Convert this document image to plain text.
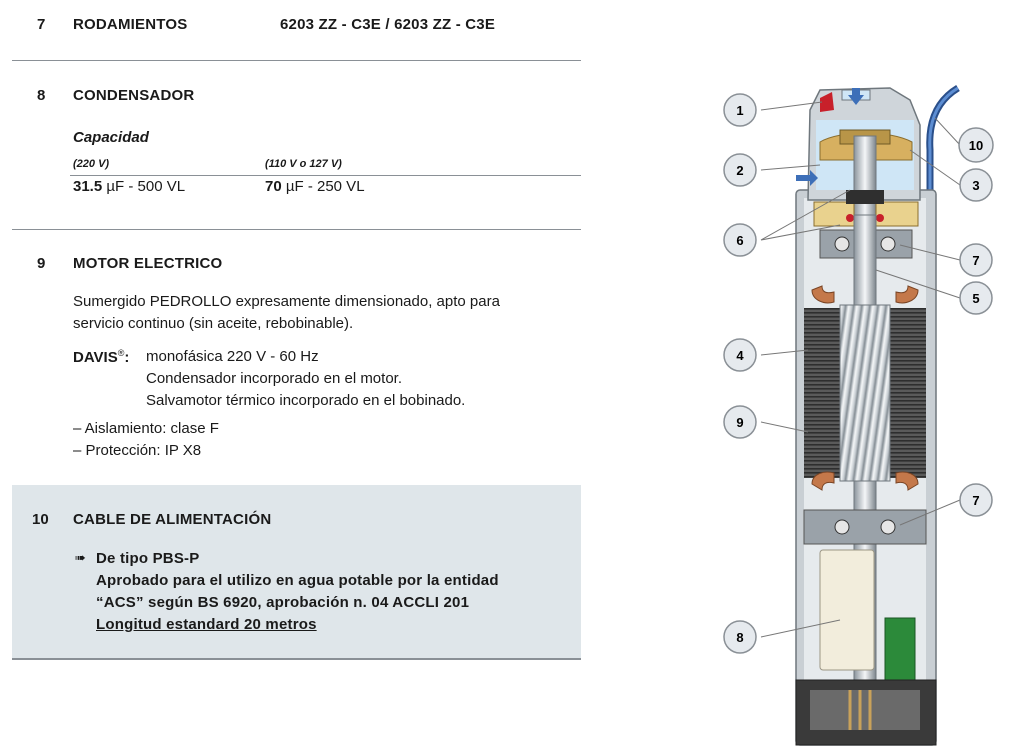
7 RODAMIENTOS	6203 ZZ - C3E / 6203 ZZ - C3E
8 CONDENSADOR
Capacidad
(220 V)	(110 V o 127 V)
31.5 µF - 500 VL	70 µF - 250 VL
9 MOTOR ELECTRICO
Sumergido PEDROLLO expresamente dimensionado, apto para
servicio continuo (sin aceite, rebobinable).
DAVIS®: monofásica 220 V - 60 Hz
Condensador incorporado en el motor.
Salvamotor térmico incorporado en el bobinado.
– Aislamiento: clase F
– Protección: IP X8
10 CABLE DE ALIMENTACIÓN
➠ De tipo PBS-P
Aprobado para el utilizo en agua potable por la entidad
“ACS” según BS 6920, aprobación n. 04 ACCLI 201
Longitud estandard 20 metros
1
2
6
4
9
8
10
3
7
5
7
